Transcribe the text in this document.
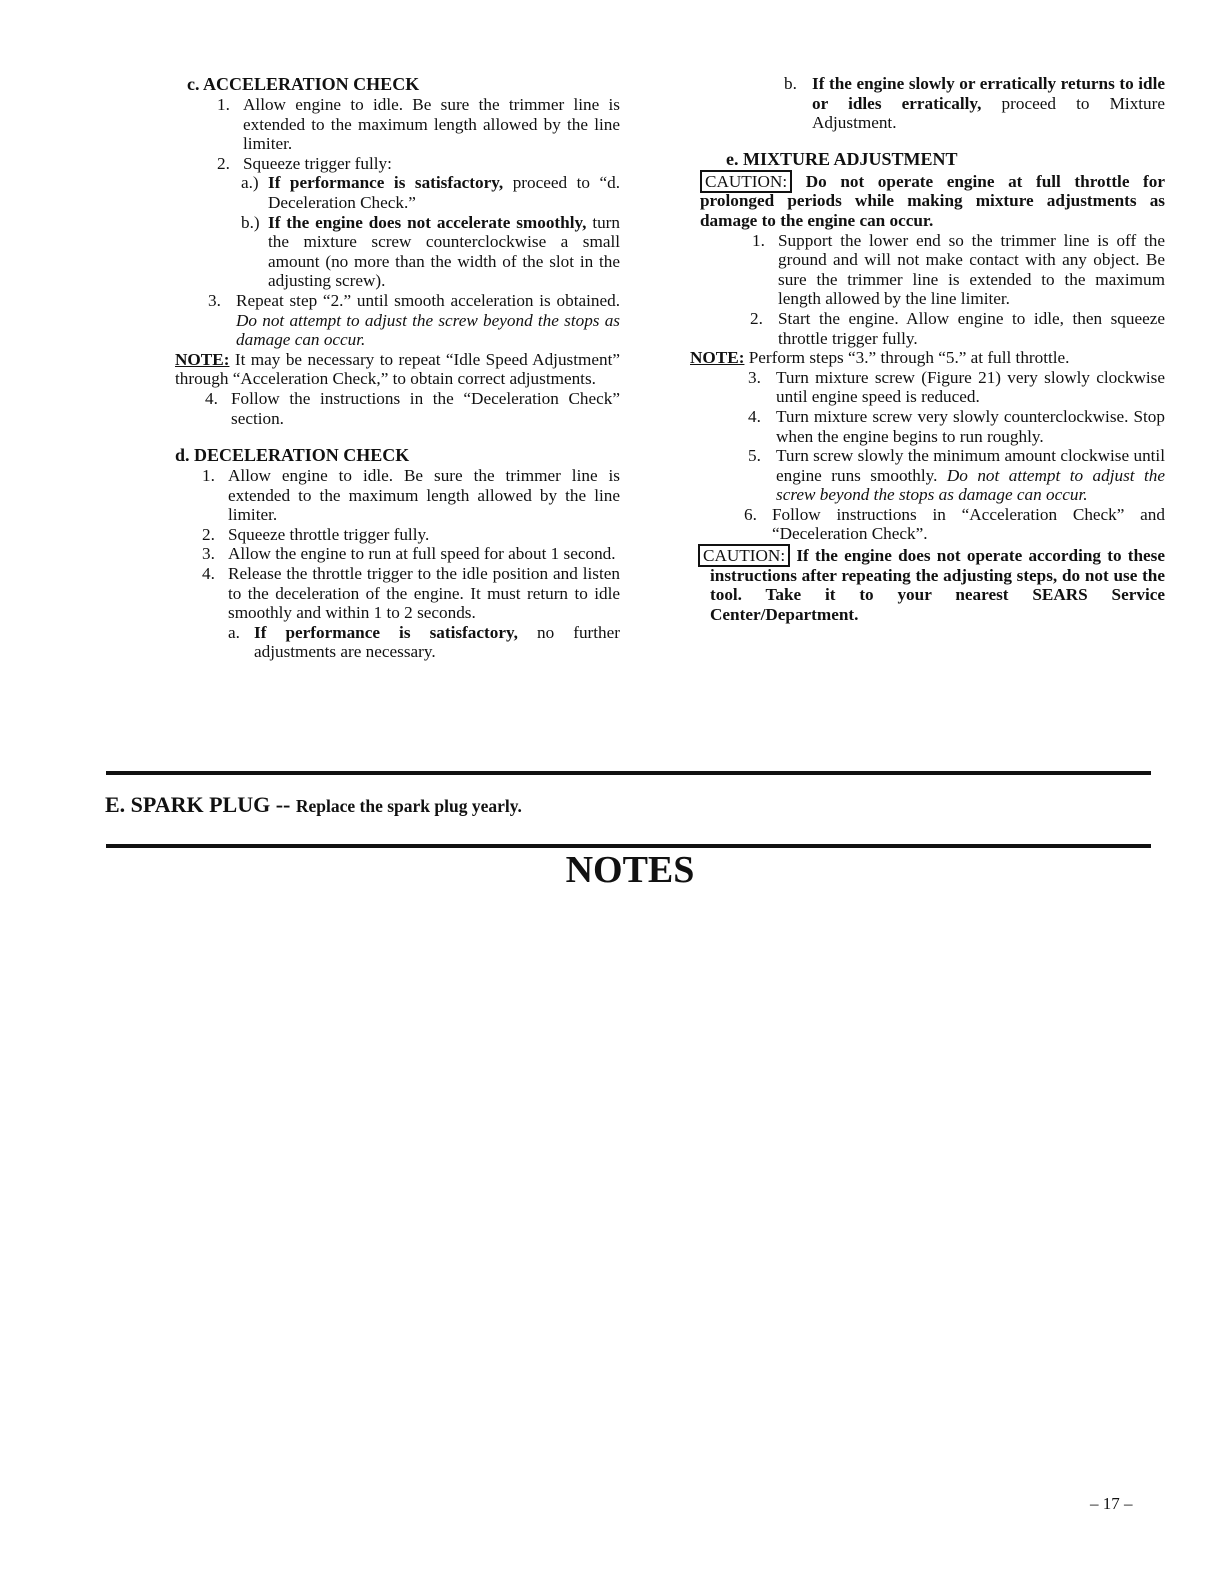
c. ACCELERATION CHECK
1. Allow engine to idle. Be sure the trimmer line is extended to the maximum length allowed by the line limiter.
2. Squeeze trigger fully:
a.) If performance is satisfactory, proceed to “d. Deceleration Check.”
b.) If the engine does not accelerate smoothly, turn the mixture screw counterclockwise a small amount (no more than the width of the slot in the adjusting screw).
3. Repeat step “2.” until smooth acceleration is obtained. Do not attempt to adjust the screw beyond the stops as damage can occur.
NOTE: It may be necessary to repeat “Idle Speed Adjustment” through “Acceleration Check,” to obtain correct adjustments.
4. Follow the instructions in the “Deceleration Check” section.
d. DECELERATION CHECK
1. Allow engine to idle. Be sure the trimmer line is extended to the maximum length allowed by the line limiter.
2. Squeeze throttle trigger fully.
3. Allow the engine to run at full speed for about 1 second.
4. Release the throttle trigger to the idle position and listen to the deceleration of the engine. It must return to idle smoothly and within 1 to 2 seconds.
a. If performance is satisfactory, no further adjustments are necessary.
b. If the engine slowly or erratically returns to idle or idles erratically, proceed to Mixture Adjustment.
e. MIXTURE ADJUSTMENT
CAUTION: Do not operate engine at full throttle for prolonged periods while making mixture adjustments as damage to the engine can occur.
1. Support the lower end so the trimmer line is off the ground and will not make contact with any object. Be sure the trimmer line is extended to the maximum length allowed by the line limiter.
2. Start the engine. Allow engine to idle, then squeeze throttle trigger fully.
NOTE: Perform steps “3.” through “5.” at full throttle.
3. Turn mixture screw (Figure 21) very slowly clockwise until engine speed is reduced.
4. Turn mixture screw very slowly counterclockwise. Stop when the engine begins to run roughly.
5. Turn screw slowly the minimum amount clockwise until engine runs smoothly. Do not attempt to adjust the screw beyond the stops as damage can occur.
6. Follow instructions in “Acceleration Check” and “Deceleration Check”.
CAUTION: If the engine does not operate according to these instructions after repeating the adjusting steps, do not use the tool. Take it to your nearest SEARS Service Center/Department.
E. SPARK PLUG -- Replace the spark plug yearly.
NOTES
– 17 –
